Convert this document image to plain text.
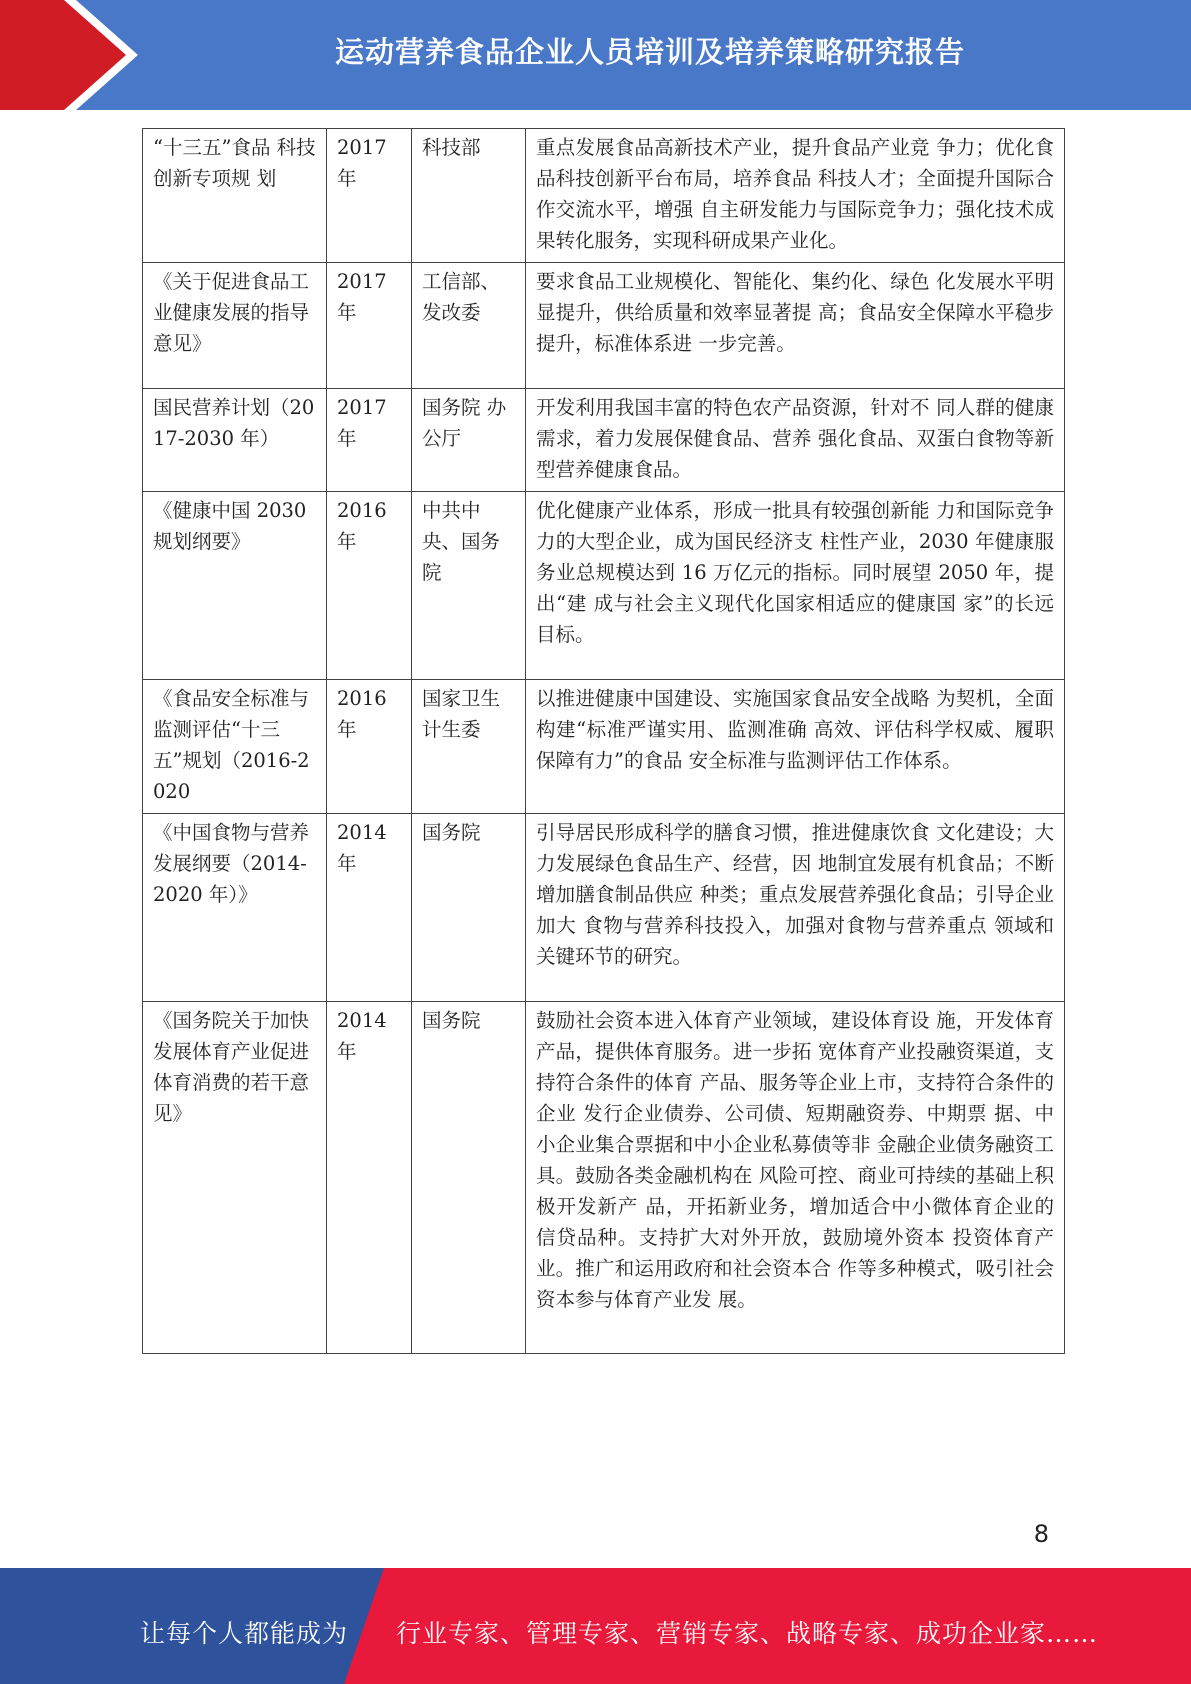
运动营养食品企业人员培训及培养策略研究报告
“十三五”食品 科技创新专项规 划	2017 年	科技部	重点发展食品高新技术产业，提升食品产业竞 争力；优化食品科技创新平台布局，培养食品 科技人才；全面提升国际合作交流水平，增强 自主研发能力与国际竞争力；强化技术成果转化服务，实现科研成果产业化。
《关于促进食品工业健康发展的指导意见》	2017 年	工信部、发改委	要求食品工业规模化、智能化、集约化、绿色 化发展水平明显提升，供给质量和效率显著提 高；食品安全保障水平稳步提升，标准体系进 一步完善。
国民营养计划（2017-2030 年）	2017 年	国务院 办公厅	开发利用我国丰富的特色农产品资源，针对不 同人群的健康需求，着力发展保健食品、营养 强化食品、双蛋白食物等新型营养健康食品。
《健康中国 2030 规划纲要》	2016 年	中共中央、国务院	优化健康产业体系，形成一批具有较强创新能 力和国际竞争力的大型企业，成为国民经济支 柱性产业，2030 年健康服务业总规模达到 16 万亿元的指标。同时展望 2050 年，提出“建 成与社会主义现代化国家相适应的健康国 家”的长远目标。
《食品安全标准与监测评估“十三五”规划（2016-2020	2016 年	国家卫生 计生委	以推进健康中国建设、实施国家食品安全战略 为契机，全面构建“标准严谨实用、监测准确 高效、评估科学权威、履职保障有力”的食品 安全标准与监测评估工作体系。
《中国食物与营养发展纲要（2014-2020 年）》	2014 年	国务院	引导居民形成科学的膳食习惯，推进健康饮食 文化建设；大力发展绿色食品生产、经营，因 地制宜发展有机食品；不断增加膳食制品供应 种类；重点发展营养强化食品；引导企业加大 食物与营养科技投入，加强对食物与营养重点 领域和关键环节的研究。
《国务院关于加快发展体育产业促进体育消费的若干意见》	2014 年	国务院	鼓励社会资本进入体育产业领域，建设体育设 施，开发体育产品，提供体育服务。进一步拓 宽体育产业投融资渠道，支持符合条件的体育 产品、服务等企业上市，支持符合条件的企业 发行企业债券、公司债、短期融资券、中期票 据、中小企业集合票据和中小企业私募债等非 金融企业债务融资工具。鼓励各类金融机构在 风险可控、商业可持续的基础上积极开发新产 品，开拓新业务，增加适合中小微体育企业的 信贷品种。支持扩大对外开放，鼓励境外资本 投资体育产业。推广和运用政府和社会资本合 作等多种模式，吸引社会资本参与体育产业发 展。
8
让每个人都能成为 行业专家、管理专家、营销专家、战略专家、成功企业家……
